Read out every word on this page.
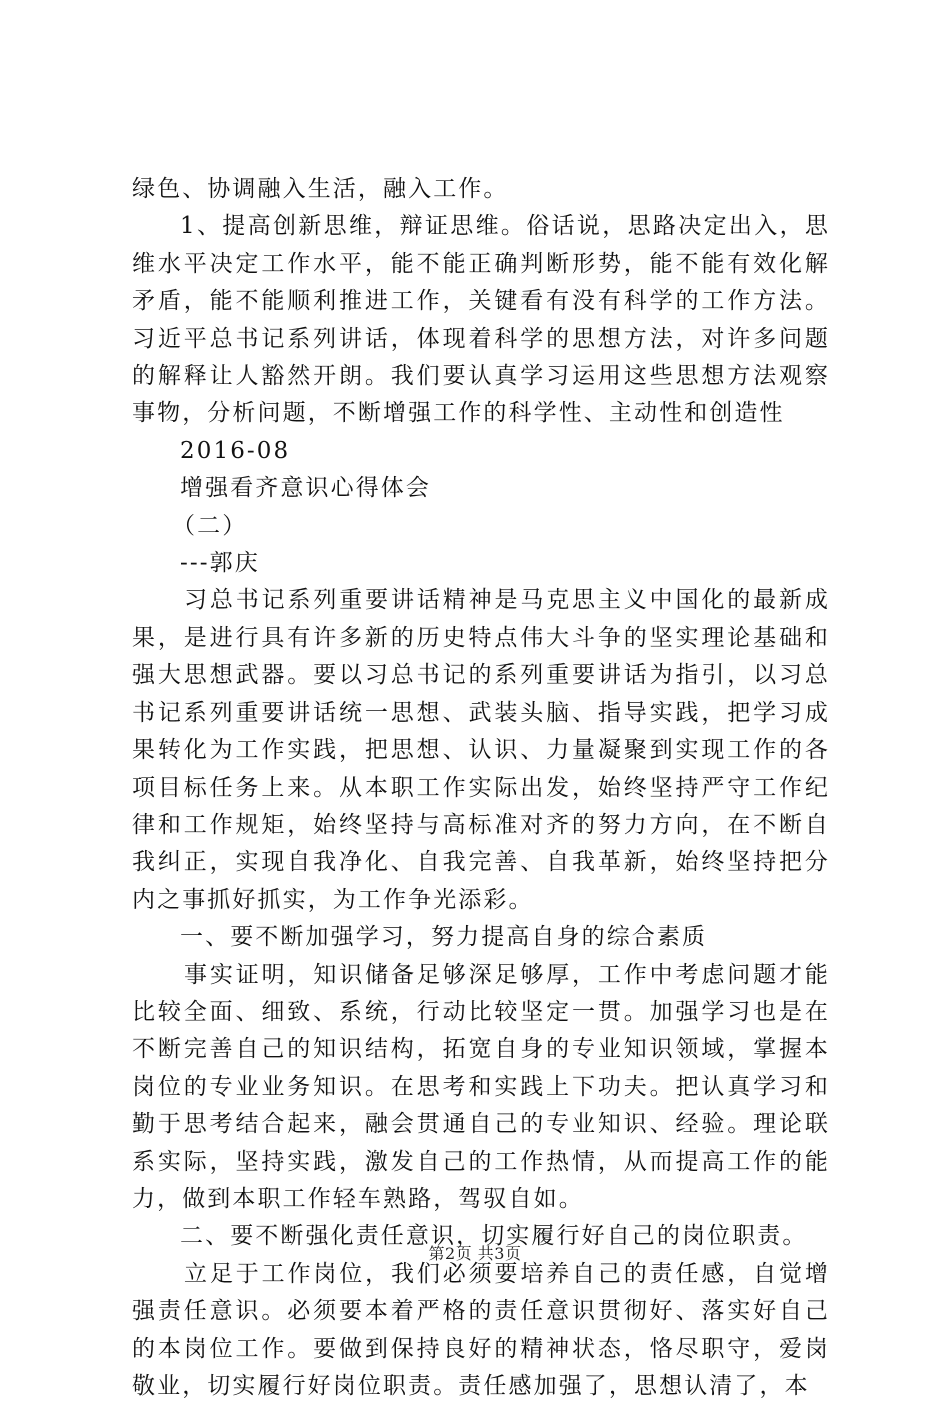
绿色、协调融入生活，融入工作。

1、提高创新思维，辩证思维。俗话说，思路决定出入，思维水平决定工作水平，能不能正确判断形势，能不能有效化解矛盾，能不能顺利推进工作，关键看有没有科学的工作方法。习近平总书记系列讲话，体现着科学的思想方法，对许多问题的解释让人豁然开朗。我们要认真学习运用这些思想方法观察事物，分析问题，不断增强工作的科学性、主动性和创造性

2016-08

增强看齐意识心得体会

（二）

---郭庆

习总书记系列重要讲话精神是马克思主义中国化的最新成果，是进行具有许多新的历史特点伟大斗争的坚实理论基础和强大思想武器。要以习总书记的系列重要讲话为指引，以习总书记系列重要讲话统一思想、武装头脑、指导实践，把学习成果转化为工作实践，把思想、认识、力量凝聚到实现工作的各项目标任务上来。从本职工作实际出发，始终坚持严守工作纪律和工作规矩，始终坚持与高标准对齐的努力方向，在不断自我纠正，实现自我净化、自我完善、自我革新，始终坚持把分内之事抓好抓实，为工作争光添彩。

一、要不断加强学习，努力提高自身的综合素质

事实证明，知识储备足够深足够厚，工作中考虑问题才能比较全面、细致、系统，行动比较坚定一贯。加强学习也是在不断完善自己的知识结构，拓宽自身的专业知识领域，掌握本岗位的专业业务知识。在思考和实践上下功夫。把认真学习和勤于思考结合起来，融会贯通自己的专业知识、经验。理论联系实际，坚持实践，激发自己的工作热情，从而提高工作的能力，做到本职工作轻车熟路，驾驭自如。

二、要不断强化责任意识，切实履行好自己的岗位职责。

立足于工作岗位，我们必须要培养自己的责任感，自觉增强责任意识。必须要本着严格的责任意识贯彻好、落实好自己的本岗位工作。要做到保持良好的精神状态，恪尽职守，爱岗敬业，切实履行好岗位职责。责任感加强了，思想认清了，本

第2页 共3页
